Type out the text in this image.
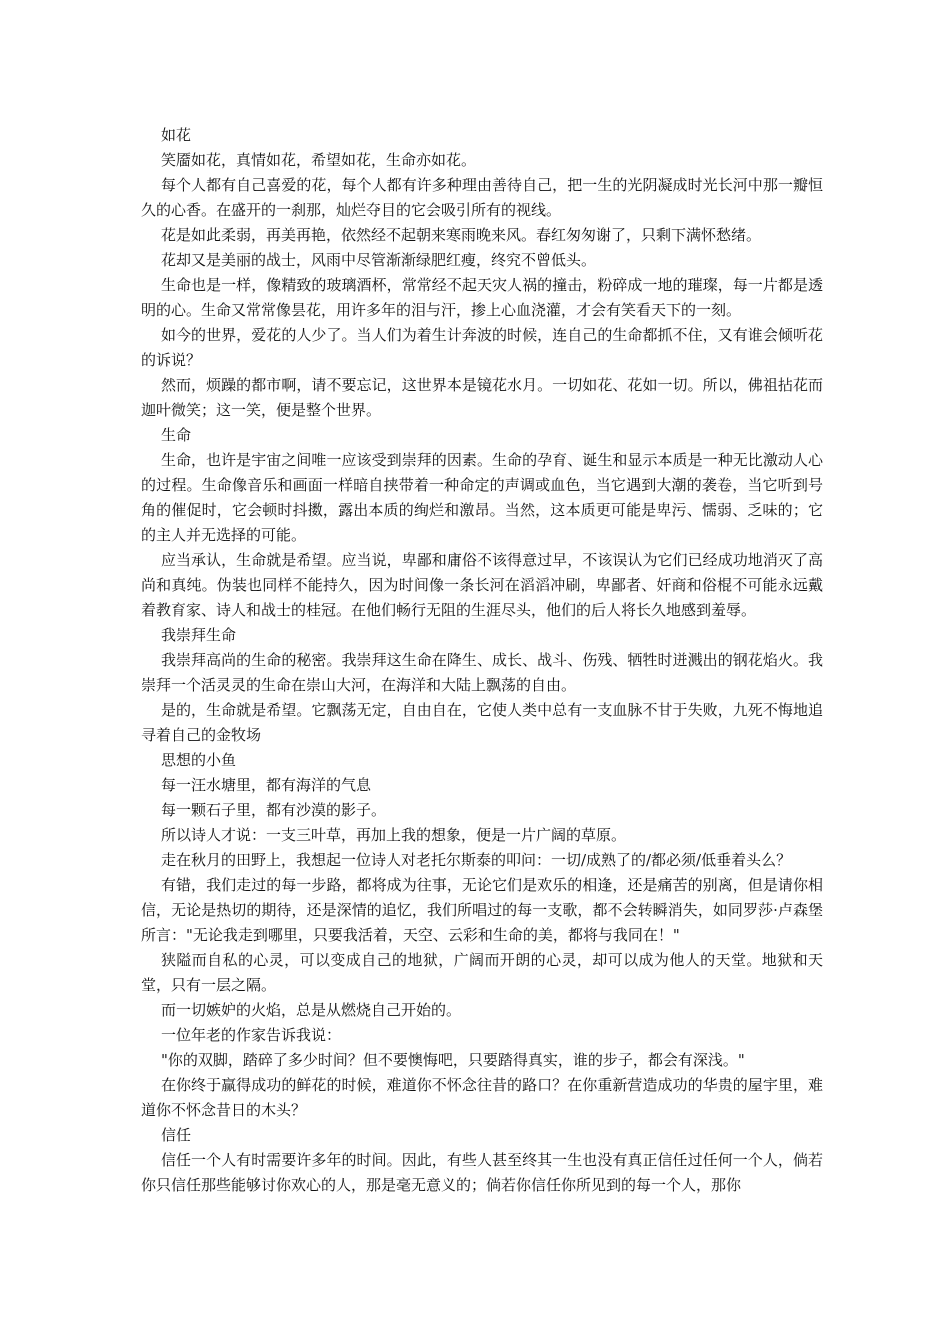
如花

笑靥如花，真情如花，希望如花，生命亦如花。

每个人都有自己喜爱的花，每个人都有许多种理由善待自己，把一生的光阴凝成时光长河中那一瓣恒久的心香。在盛开的一刹那，灿烂夺目的它会吸引所有的视线。

花是如此柔弱，再美再艳，依然经不起朝来寒雨晚来风。春红匆匆谢了，只剩下满怀愁绪。

花却又是美丽的战士，风雨中尽管渐渐绿肥红瘦，终究不曾低头。

生命也是一样，像精致的玻璃酒杯，常常经不起天灾人祸的撞击，粉碎成一地的璀璨，每一片都是透明的心。生命又常常像昙花，用许多年的泪与汗，掺上心血浇灌，才会有笑看天下的一刻。

如今的世界，爱花的人少了。当人们为着生计奔波的时候，连自己的生命都抓不住，又有谁会倾听花的诉说？

然而，烦躁的都市啊，请不要忘记，这世界本是镜花水月。一切如花、花如一切。所以，佛祖拈花而迦叶微笑；这一笑，便是整个世界。

生命

生命，也许是宇宙之间唯一应该受到崇拜的因素。生命的孕育、诞生和显示本质是一种无比激动人心的过程。生命像音乐和画面一样暗自挟带着一种命定的声调或血色，当它遇到大潮的袭卷，当它听到号角的催促时，它会顿时抖擞，露出本质的绚烂和激昂。当然，这本质更可能是卑污、懦弱、乏味的；它的主人并无选择的可能。

应当承认，生命就是希望。应当说，卑鄙和庸俗不该得意过早，不该误认为它们已经成功地消灭了高尚和真纯。伪装也同样不能持久，因为时间像一条长河在滔滔冲刷，卑鄙者、奸商和俗棍不可能永远戴着教育家、诗人和战士的桂冠。在他们畅行无阻的生涯尽头，他们的后人将长久地感到羞辱。

我崇拜生命

我崇拜高尚的生命的秘密。我崇拜这生命在降生、成长、战斗、伤残、牺牲时迸溅出的钢花焰火。我崇拜一个活灵灵的生命在崇山大河，在海洋和大陆上飘荡的自由。

是的，生命就是希望。它飘荡无定，自由自在，它使人类中总有一支血脉不甘于失败，九死不悔地追寻着自己的金牧场

思想的小鱼

每一汪水塘里，都有海洋的气息

每一颗石子里，都有沙漠的影子。

所以诗人才说：一支三叶草，再加上我的想象，便是一片广阔的草原。

走在秋月的田野上，我想起一位诗人对老托尔斯泰的叩问：一切/成熟了的/都必须/低垂着头么？

有错，我们走过的每一步路，都将成为往事，无论它们是欢乐的相逢，还是痛苦的别离，但是请你相信，无论是热切的期待，还是深情的追忆，我们所唱过的每一支歌，都不会转瞬消失，如同罗莎·卢森堡所言："无论我走到哪里，只要我活着，天空、云彩和生命的美，都将与我同在！"

狭隘而自私的心灵，可以变成自己的地狱，广阔而开朗的心灵，却可以成为他人的天堂。地狱和天堂，只有一层之隔。

而一切嫉妒的火焰，总是从燃烧自己开始的。

一位年老的作家告诉我说：

"你的双脚，踏碎了多少时间？但不要懊悔吧，只要踏得真实，谁的步子，都会有深浅。"

在你终于赢得成功的鲜花的时候，难道你不怀念往昔的路口？在你重新营造成功的华贵的屋宇里，难道你不怀念昔日的木头？

信任

信任一个人有时需要许多年的时间。因此，有些人甚至终其一生也没有真正信任过任何一个人，倘若你只信任那些能够讨你欢心的人，那是毫无意义的；倘若你信任你所见到的每一个人，那你
